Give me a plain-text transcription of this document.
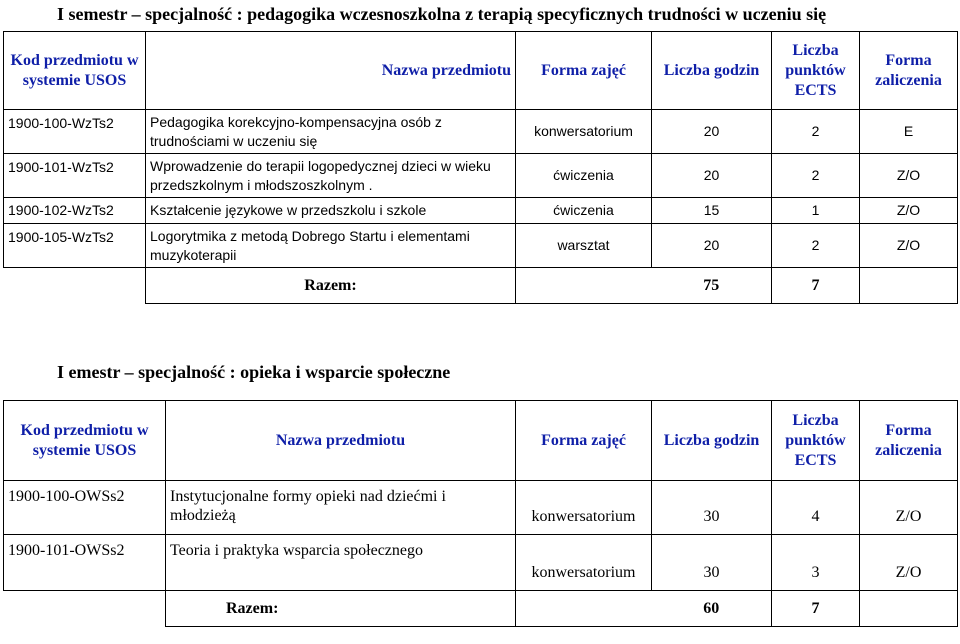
I semestr – specjalność : pedagogika wczesnoszkolna z terapią specyficznych trudności w uczeniu się
Kod przedmiotu w systemie USOS	Nazwa przedmiotu	Forma zajęć	Liczba godzin	Liczba punktów ECTS	Forma zaliczenia
1900-100-WzTs2	Pedagogika korekcyjno-kompensacyjna osób z trudnościami w uczeniu się	konwersatorium	20	2	E
1900-101-WzTs2	Wprowadzenie do terapii logopedycznej dzieci w wieku przedszkolnym i młodszoszkolnym .	ćwiczenia	20	2	Z/O
1900-102-WzTs2	Kształcenie językowe w przedszkolu i szkole	ćwiczenia	15	1	Z/O
1900-105-WzTs2	Logorytmika z metodą Dobrego Startu i elementami muzykoterapii	warsztat	20	2	Z/O
	Razem:		75	7	
I emestr – specjalność : opieka i wsparcie społeczne
Kod przedmiotu w systemie USOS	Nazwa przedmiotu	Forma zajęć	Liczba godzin	Liczba punktów ECTS	Forma zaliczenia
1900-100-OWSs2	Instytucjonalne formy opieki nad dziećmi i młodzieżą	konwersatorium	30	4	Z/O
1900-101-OWSs2	Teoria i praktyka wsparcia społecznego	konwersatorium	30	3	Z/O
	Razem:		60	7	
